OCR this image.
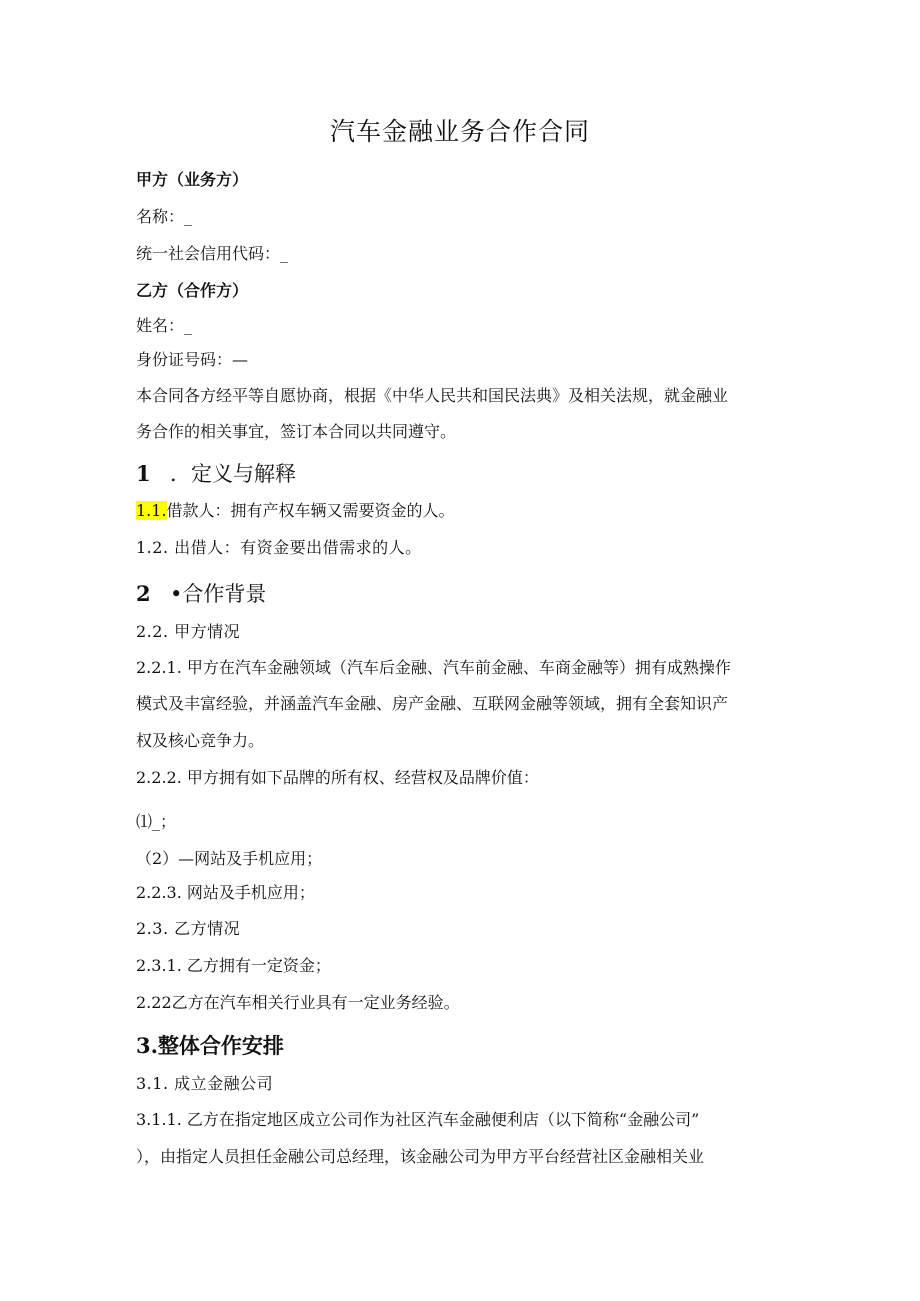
汽车金融业务合作合同
甲方（业务方）
名称：_
统一社会信用代码：_
乙方（合作方）
姓名：_
身份证号码：—
本合同各方经平等自愿协商，根据《中华人民共和国民法典》及相关法规，就金融业
务合作的相关事宜，签订本合同以共同遵守。
1 ．定义与解释
1.1.借款人：拥有产权车辆又需要资金的人。
1.2. 出借人：有资金要出借需求的人。
2 •合作背景
2.2. 甲方情况
2.2.1. 甲方在汽车金融领域（汽车后金融、汽车前金融、车商金融等）拥有成熟操作
模式及丰富经验，并涵盖汽车金融、房产金融、互联网金融等领域，拥有全套知识产
权及核心竞争力。
2.2.2. 甲方拥有如下品牌的所有权、经营权及品牌价值：
⑴_；
（2）—网站及手机应用；
2.2.3. 网站及手机应用；
2.3. 乙方情况
2.3.1. 乙方拥有一定资金；
2.22乙方在汽车相关行业具有一定业务经验。
3.整体合作安排
3.1. 成立金融公司
3.1.1. 乙方在指定地区成立公司作为社区汽车金融便利店（以下简称“金融公司”
），由指定人员担任金融公司总经理，该金融公司为甲方平台经营社区金融相关业
